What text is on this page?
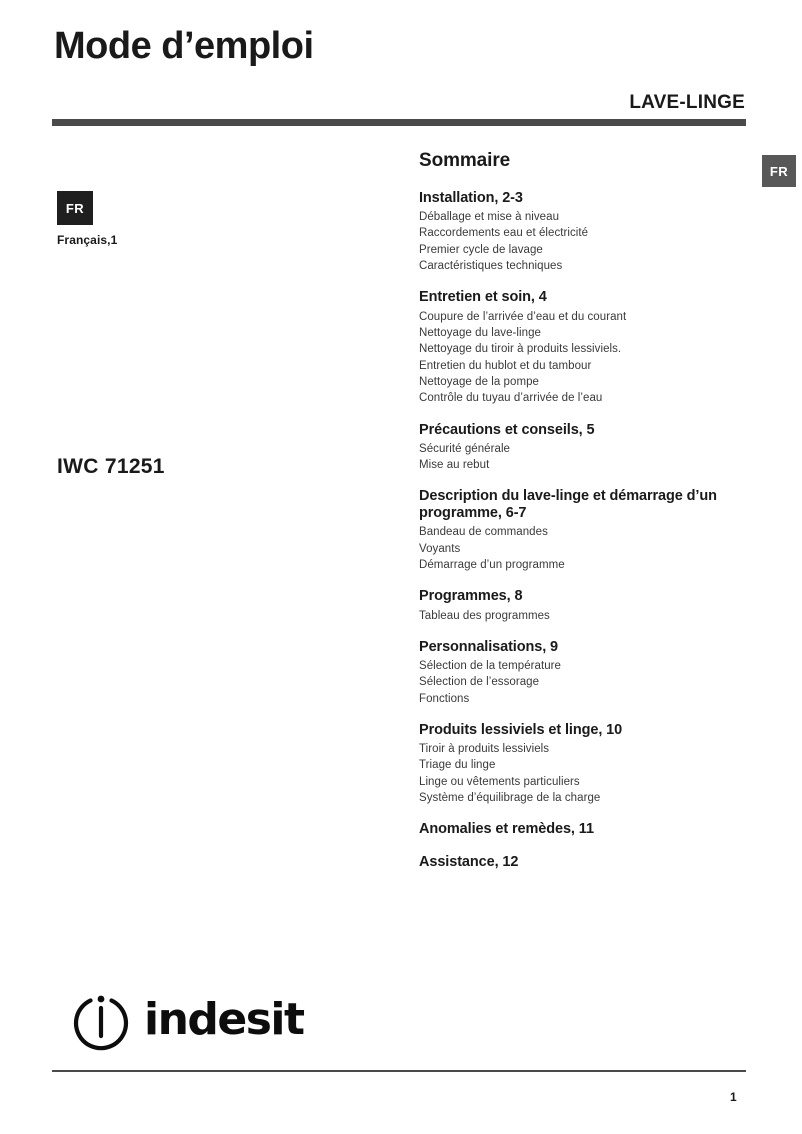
Mode d’emploi
LAVE-LINGE
FR
FR
Français,1
IWC 71251
Sommaire
Installation, 2-3
Déballage et mise à niveau
Raccordements eau et électricité
Premier cycle de lavage
Caractéristiques techniques
Entretien et soin, 4
Coupure de l’arrivée d’eau et du courant
Nettoyage du lave-linge
Nettoyage du tiroir à produits lessiviels.
Entretien du hublot et du tambour
Nettoyage de la pompe
Contrôle du tuyau d’arrivée de l’eau
Précautions et conseils, 5
Sécurité générale
Mise au rebut
Description du lave-linge et démarrage d’un programme, 6-7
Bandeau de commandes
Voyants
Démarrage d’un programme
Programmes, 8
Tableau des programmes
Personnalisations, 9
Sélection de la température
Sélection de l’essorage
Fonctions
Produits lessiviels et linge, 10
Tiroir à produits lessiviels
Triage du linge
Linge ou vêtements particuliers
Système d’équilibrage de la charge
Anomalies et remèdes, 11
Assistance, 12
indesit
1
